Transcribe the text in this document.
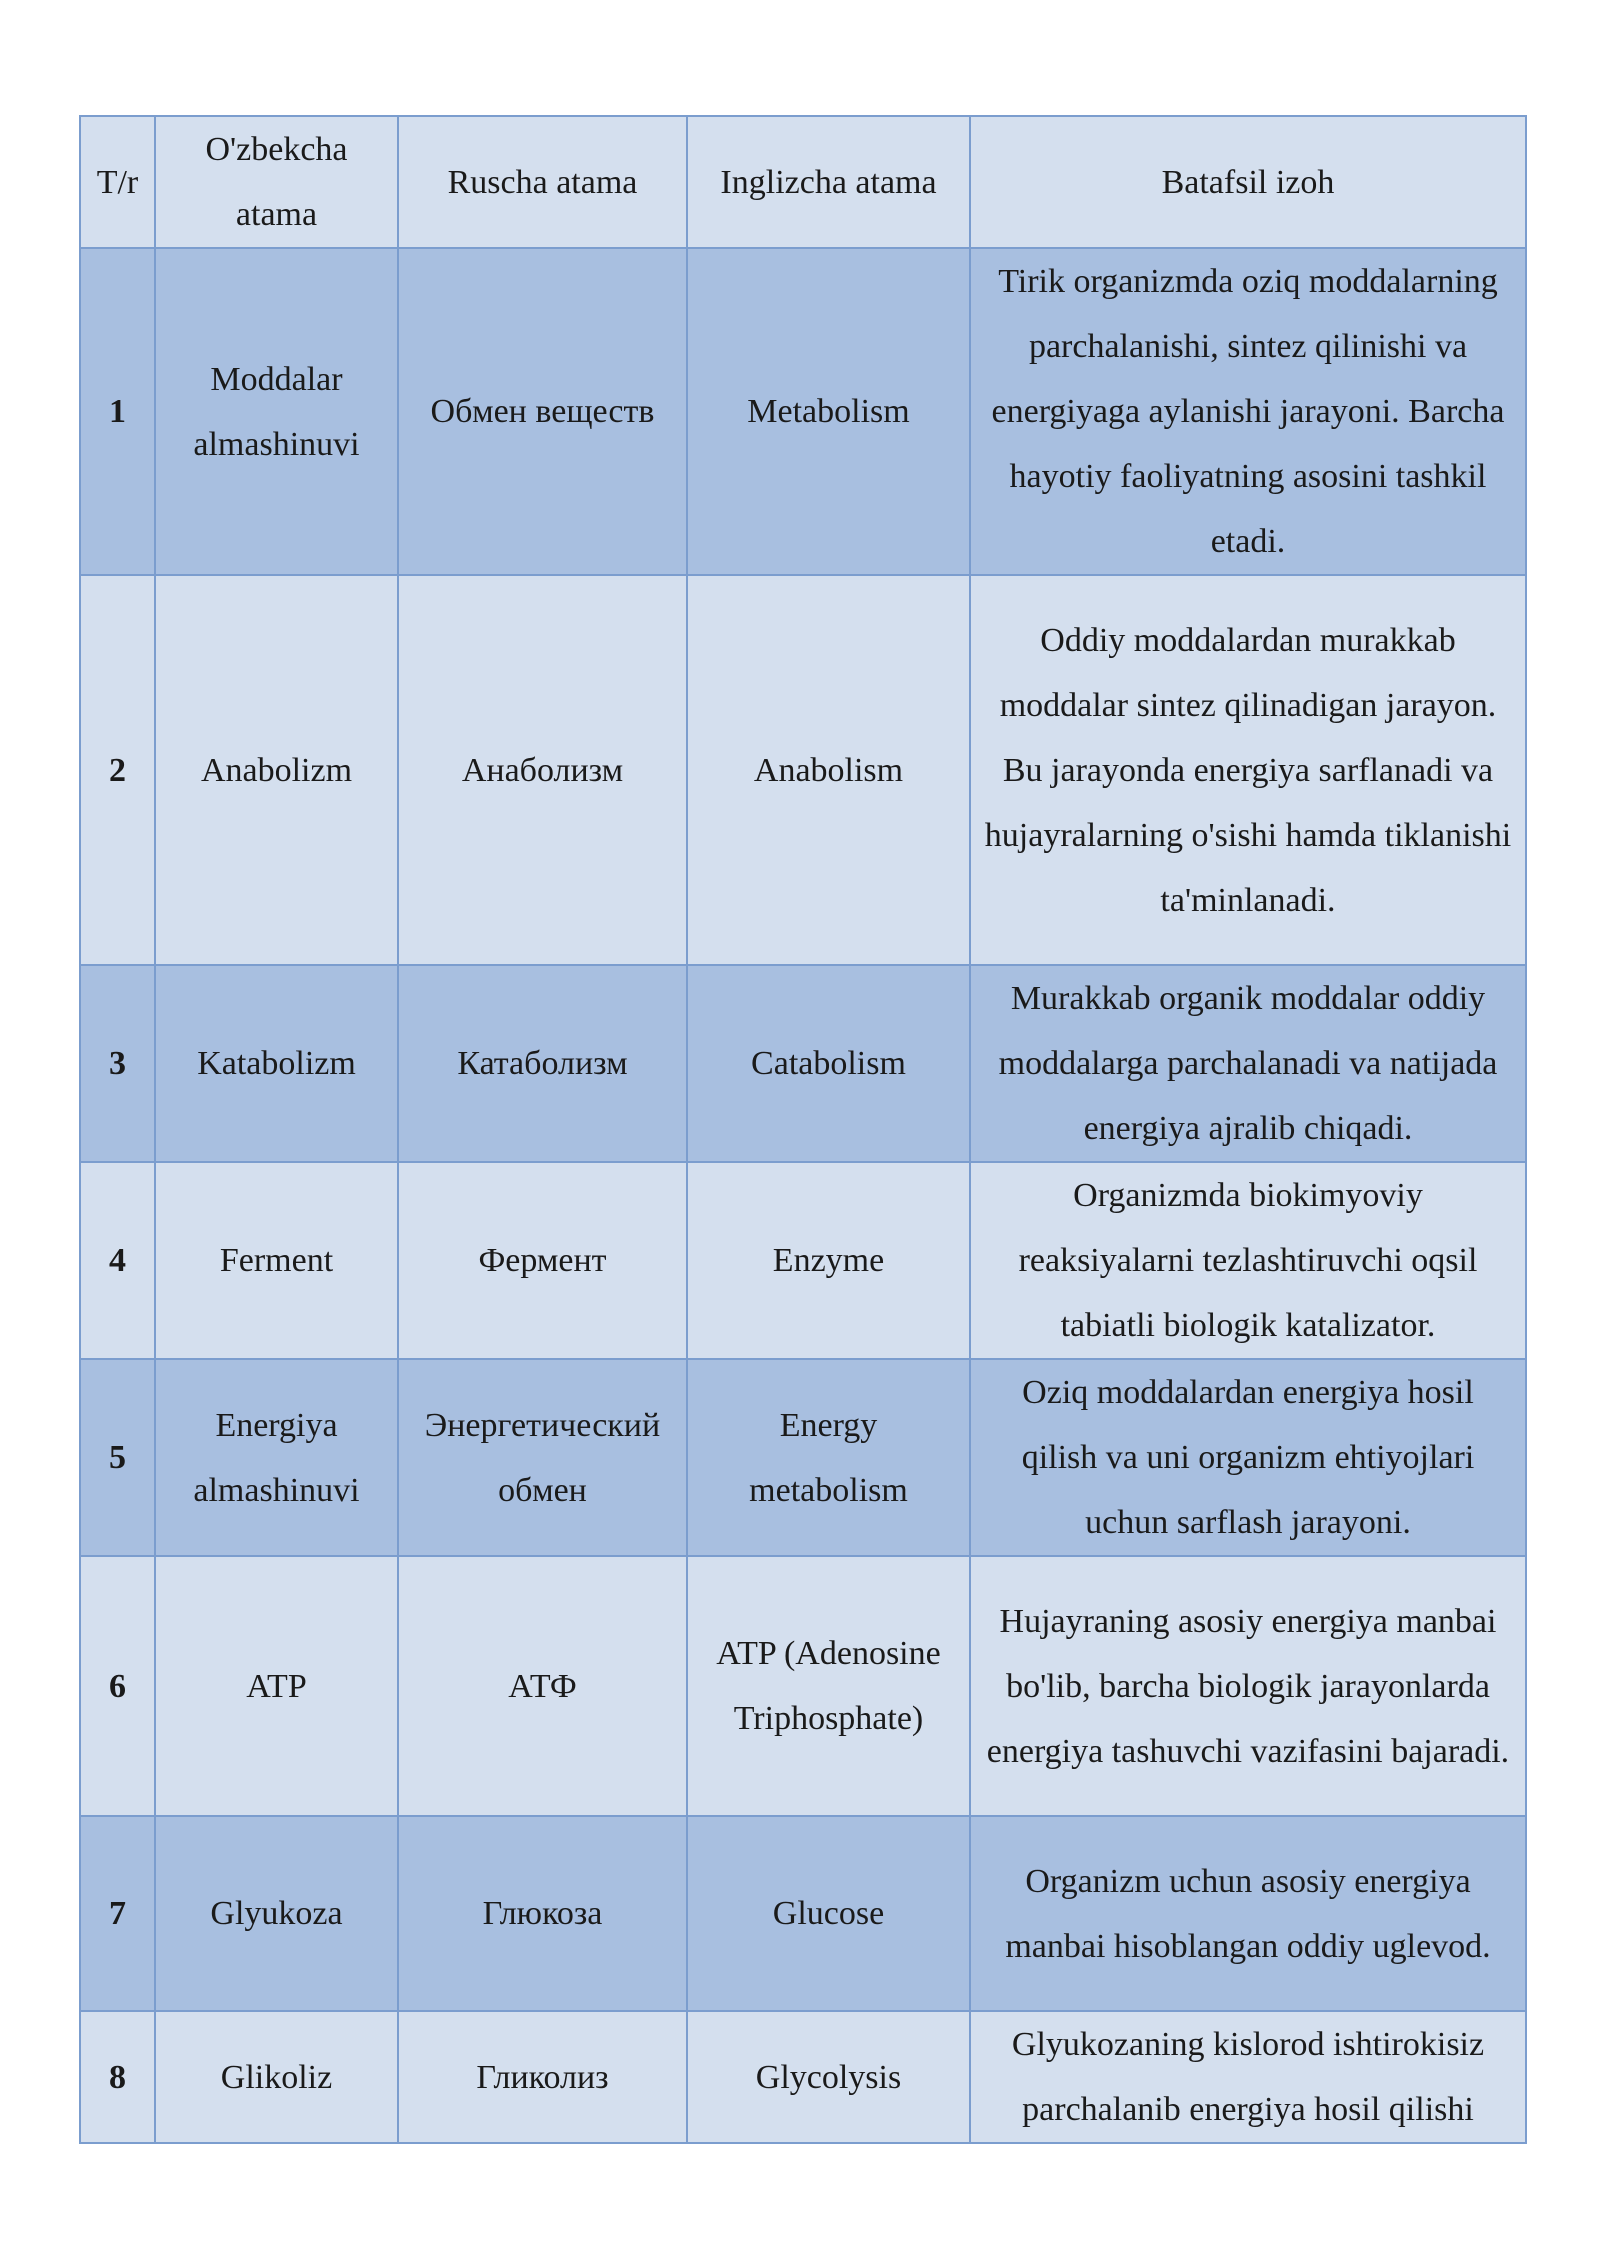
T/r	O'zbekcha atama	Ruscha atama	Inglizcha atama	Batafsil izoh
1	Moddalar almashinuvi	Обмен веществ	Metabolism	Tirik organizmda oziq moddalarning parchalanishi, sintez qilinishi va energiyaga aylanishi jarayoni. Barcha hayotiy faoliyatning asosini tashkil etadi.
2	Anabolizm	Анаболизм	Anabolism	Oddiy moddalardan murakkab moddalar sintez qilinadigan jarayon. Bu jarayonda energiya sarflanadi va hujayralarning o'sishi hamda tiklanishi ta'minlanadi.
3	Katabolizm	Катаболизм	Catabolism	Murakkab organik moddalar oddiy moddalarga parchalanadi va natijada energiya ajralib chiqadi.
4	Ferment	Фермент	Enzyme	Organizmda biokimyoviy reaksiyalarni tezlashtiruvchi oqsil tabiatli biologik katalizator.
5	Energiya almashinuvi	Энергетический обмен	Energy metabolism	Oziq moddalardan energiya hosil qilish va uni organizm ehtiyojlari uchun sarflash jarayoni.
6	ATP	АТФ	ATP (Adenosine Triphosphate)	Hujayraning asosiy energiya manbai bo'lib, barcha biologik jarayonlarda energiya tashuvchi vazifasini bajaradi.
7	Glyukoza	Глюкоза	Glucose	Organizm uchun asosiy energiya manbai hisoblangan oddiy uglevod.
8	Glikoliz	Гликолиз	Glycolysis	Glyukozaning kislorod ishtirokisiz parchalanib energiya hosil qilishi
